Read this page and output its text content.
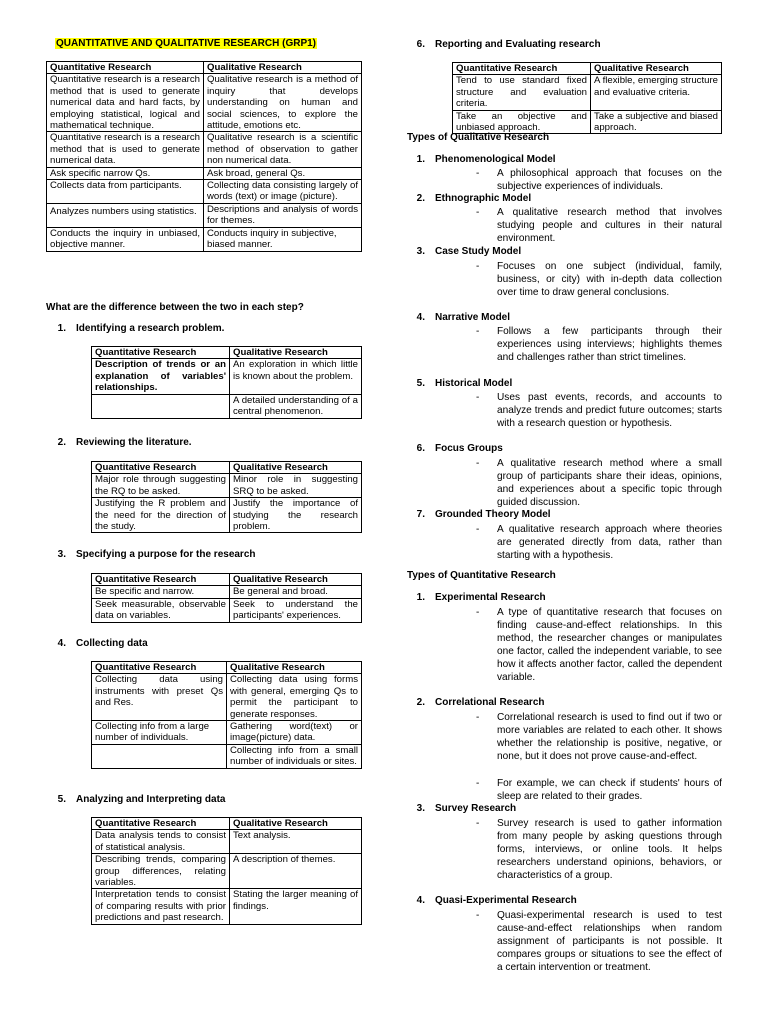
QUANTITATIVE AND QUALITATIVE RESEARCH (GRP1)
Quantitative Research	Qualitative Research
Quantitative research is a research method that is used to generate numerical data and hard facts, by employing statistical, logical and mathematical technique.	Qualitative research is a method of inquiry that develops understanding on human and social sciences, to explore the attitude, emotions etc.
Quantitative research is a research method that is used to generate numerical data.	Qualitative research is a scientific method of observation to gather non numerical data.
Ask specific narrow Qs.	Ask broad, general Qs.
Collects data from participants.	Collecting data consisting largely of words (text) or image (picture).
Analyzes numbers using statistics.	Descriptions and analysis of words for themes.
Conducts the inquiry in unbiased, objective manner.	Conducts inquiry in subjective, biased manner.
What are the difference between the two in each step?
1. Identifying a research problem.
Quantitative Research	Qualitative Research
Description of trends or an explanation of variables' relationships.	An exploration in which little is known about the problem.
	A detailed understanding of a central phenomenon.
2. Reviewing the literature.
Quantitative Research	Qualitative Research
Major role through suggesting the RQ to be asked.	Minor role in suggesting SRQ to be asked.
Justifying the R problem and the need for the direction of the study.	Justify the importance of studying the research problem.
3. Specifying a purpose for the research
Quantitative Research	Qualitative Research
Be specific and narrow.	Be general and broad.
Seek measurable, observable data on variables.	Seek to understand the participants' experiences.
4. Collecting data
Quantitative Research	Qualitative Research
Collecting data using instruments with preset Qs and Res.	Collecting data using forms with general, emerging Qs to permit the participant to generate responses.
Collecting info from a large number of individuals.	Gathering word(text) or image(picture) data.
	Collecting info from a small number of individuals or sites.
5. Analyzing and Interpreting data
Quantitative Research	Qualitative Research
Data analysis tends to consist of statistical analysis.	Text analysis.
Describing trends, comparing group differences, relating variables.	A description of themes.
Interpretation tends to consist of comparing results with prior predictions and past research.	Stating the larger meaning of findings.
6. Reporting and Evaluating research
Quantitative Research	Qualitative Research
Tend to use standard fixed structure and evaluation criteria.	A flexible, emerging structure and evaluative criteria.
Take an objective and unbiased approach.	Take a subjective and biased approach.
Types of Qualitative Research
1. Phenomenological Model
- A philosophical approach that focuses on the subjective experiences of individuals.
2. Ethnographic Model
- A qualitative research method that involves studying people and cultures in their natural environment.
3. Case Study Model
- Focuses on one subject (individual, family, business, or city) with in-depth data collection over time to draw general conclusions.
4. Narrative Model
- Follows a few participants through their experiences using interviews; highlights themes and challenges rather than strict timelines.
5. Historical Model
- Uses past events, records, and accounts to analyze trends and predict future outcomes; starts with a research question or hypothesis.
6. Focus Groups
- A qualitative research method where a small group of participants share their ideas, opinions, and experiences about a specific topic through guided discussion.
7. Grounded Theory Model
- A qualitative research approach where theories are generated directly from data, rather than starting with a hypothesis.
Types of Quantitative Research
1. Experimental Research
- A type of quantitative research that focuses on finding cause-and-effect relationships. In this method, the researcher changes or manipulates one factor, called the independent variable, to see how it affects another factor, called the dependent variable.
2. Correlational Research
- Correlational research is used to find out if two or more variables are related to each other. It shows whether the relationship is positive, negative, or none, but it does not prove cause-and-effect.
- For example, we can check if students' hours of sleep are related to their grades.
3. Survey Research
- Survey research is used to gather information from many people by asking questions through forms, interviews, or online tools. It helps researchers understand opinions, behaviors, or characteristics of a group.
4. Quasi-Experimental Research
- Quasi-experimental research is used to test cause-and-effect relationships when random assignment of participants is not possible. It compares groups or situations to see the effect of a certain intervention or treatment.
